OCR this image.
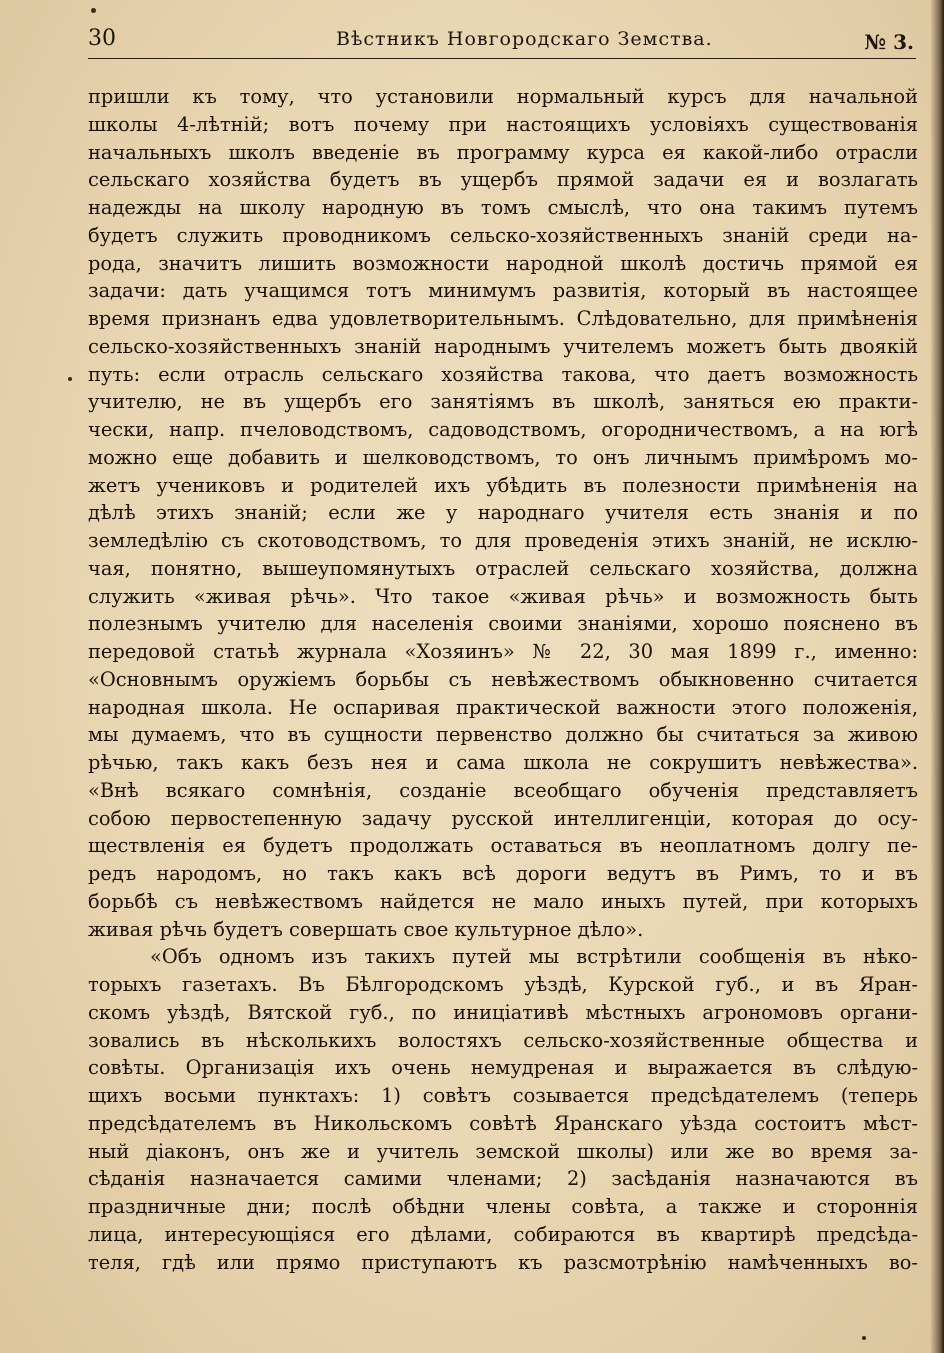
30	Вѣстникъ Новгородскаго Земства.	№ 3.
пришли къ тому, что установили нормальный курсъ для начальной
школы 4-лѣтній; вотъ почему при настоящихъ условіяхъ существованія
начальныхъ школъ введеніе въ программу курса ея какой-либо отрасли
сельскаго хозяйства будетъ въ ущербъ прямой задачи ея и возлагать
надежды на школу народную въ томъ смыслѣ, что она такимъ путемъ
будетъ служить проводникомъ сельско-хозяйственныхъ знаній среди на-
рода, значитъ лишить возможности народной школѣ достичь прямой ея
задачи: дать учащимся тотъ минимумъ развитія, который въ настоящее
время признанъ едва удовлетворительнымъ. Слѣдовательно, для примѣненія
сельско-хозяйственныхъ знаній народнымъ учителемъ можетъ быть двоякій
путь: если отрасль сельскаго хозяйства такова, что даетъ возможность
учителю, не въ ущербъ его занятіямъ въ школѣ, заняться ею практи-
чески, напр. пчеловодствомъ, садоводствомъ, огородничествомъ, а на югѣ
можно еще добавить и шелководствомъ, то онъ личнымъ примѣромъ мо-
жетъ учениковъ и родителей ихъ убѣдить въ полезности примѣненія на
дѣлѣ этихъ знаній; если же у народнаго учителя есть знанія и по
земледѣлію съ скотоводствомъ, то для проведенія этихъ знаній, не исклю-
чая, понятно, вышеупомянутыхъ отраслей сельскаго хозяйства, должна
служить «живая рѣчь». Что такое «живая рѣчь» и возможность быть
полезнымъ учителю для населенія своими знаніями, хорошо пояснено въ
передовой статьѣ журнала «Хозяинъ» № 22, 30 мая 1899 г., именно:
«Основнымъ оружіемъ борьбы съ невѣжествомъ обыкновенно считается
народная школа. Не оспаривая практической важности этого положенія,
мы думаемъ, что въ сущности первенство должно бы считаться за живою
рѣчью, такъ какъ безъ нея и сама школа не сокрушитъ невѣжества».
«Внѣ всякаго сомнѣнія, созданіе всеобщаго обученія представляетъ
собою первостепенную задачу русской интеллигенціи, которая до осу-
ществленія ея будетъ продолжать оставаться въ неоплатномъ долгу пе-
редъ народомъ, но такъ какъ всѣ дороги ведутъ въ Римъ, то и въ
борьбѣ съ невѣжествомъ найдется не мало иныхъ путей, при которыхъ
живая рѣчь будетъ совершать свое культурное дѣло».
«Объ одномъ изъ такихъ путей мы встрѣтили сообщенія въ нѣко-
торыхъ газетахъ. Въ Бѣлгородскомъ уѣздѣ, Курской губ., и въ Яран-
скомъ уѣздѣ, Вятской губ., по иниціативѣ мѣстныхъ агрономовъ органи-
зовались въ нѣсколькихъ волостяхъ сельско-хозяйственные общества и
совѣты. Организація ихъ очень немудреная и выражается въ слѣдую-
щихъ восьми пунктахъ: 1) совѣтъ созывается предсѣдателемъ (теперь
предсѣдателемъ въ Никольскомъ совѣтѣ Яранскаго уѣзда состоитъ мѣст-
ный діаконъ, онъ же и учитель земской школы) или же во время за-
сѣданія назначается самими членами; 2) засѣданія назначаются въ
праздничные дни; послѣ обѣдни члены совѣта, а также и стороннія
лица, интересующіяся его дѣлами, собираются въ квартирѣ предсѣда-
теля, гдѣ или прямо приступаютъ къ разсмотрѣнію намѣченныхъ во-
